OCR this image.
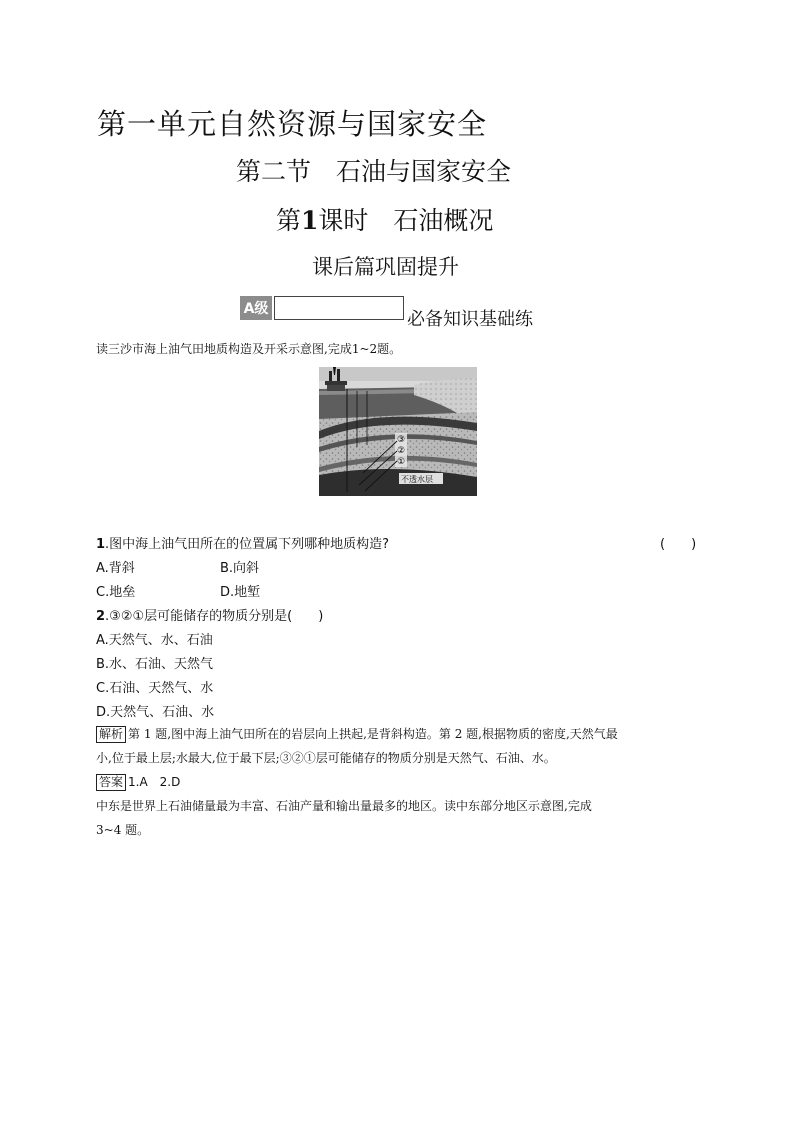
第一单元自然资源与国家安全
第二节　石油与国家安全
第1课时　石油概况
课后篇巩固提升
A级	必备知识基础练
读三沙市海上油气田地质构造及开采示意图,完成1~2题。
③
②
①
不透水层
1.图中海上油气田所在的位置属下列哪种地质构造?	(　　)
A.背斜	B.向斜
C.地垒	D.地堑
2.③②①层可能储存的物质分别是(　　)
A.天然气、水、石油
B.水、石油、天然气
C.石油、天然气、水
D.天然气、石油、水
解析 第 1 题,图中海上油气田所在的岩层向上拱起,是背斜构造。第 2 题,根据物质的密度,天然气最
小,位于最上层;水最大,位于最下层;③②①层可能储存的物质分别是天然气、石油、水。
答案 1.A　2.D
中东是世界上石油储量最为丰富、石油产量和输出量最多的地区。读中东部分地区示意图,完成
3~4 题。
